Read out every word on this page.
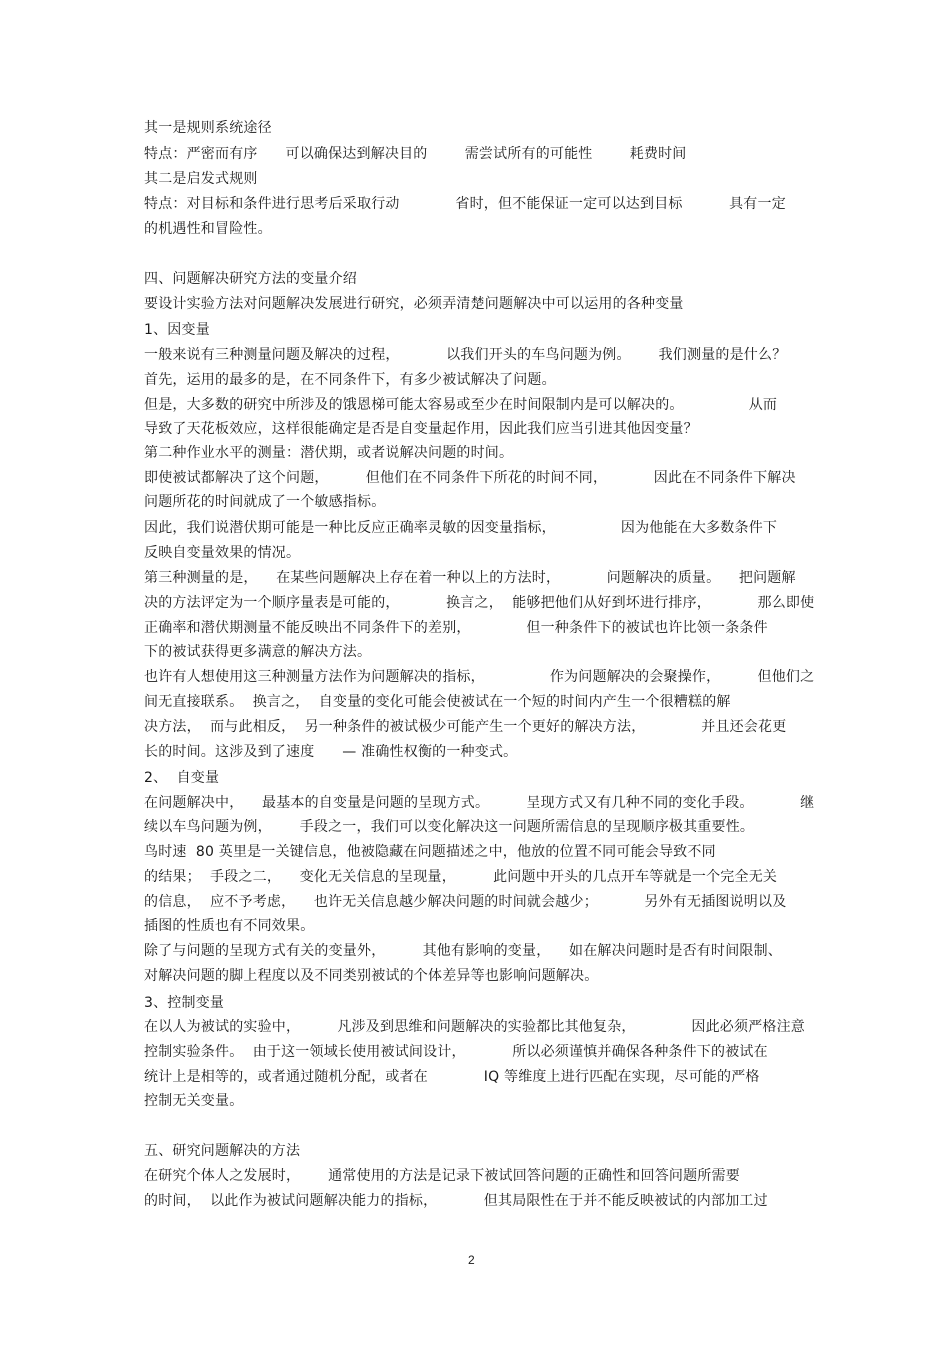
其一是规则系统途径
特点：严密而有序      可以确保达到解决目的        需尝试所有的可能性        耗费时间
其二是启发式规则
特点：对目标和条件进行思考后采取行动            省时，但不能保证一定可以达到目标          具有一定
的机遇性和冒险性。
四、问题解决研究方法的变量介绍
要设计实验方法对问题解决发展进行研究，必须弄清楚问题解决中可以运用的各种变量
1、因变量
一般来说有三种测量问题及解决的过程，          以我们开头的车鸟问题为例。      我们测量的是什么？
首先，运用的最多的是，在不同条件下，有多少被试解决了问题。
但是，大多数的研究中所涉及的饿恩梯可能太容易或至少在时间限制内是可以解决的。              从而
导致了天花板效应，这样很能确定是否是自变量起作用，因此我们应当引进其他因变量？
第二种作业水平的测量：潜伏期，或者说解决问题的时间。
即使被试都解决了这个问题，        但他们在不同条件下所花的时间不同，          因此在不同条件下解决
问题所花的时间就成了一个敏感指标。
因此，我们说潜伏期可能是一种比反应正确率灵敏的因变量指标，              因为他能在大多数条件下
反映自变量效果的情况。
第三种测量的是，    在某些问题解决上存在着一种以上的方法时，          问题解决的质量。    把问题解
决的方法评定为一个顺序量表是可能的，          换言之，  能够把他们从好到坏进行排序，          那么即使
正确率和潜伏期测量不能反映出不同条件下的差别，            但一种条件下的被试也许比领一条条件
下的被试获得更多满意的解决方法。
也许有人想使用这三种测量方法作为问题解决的指标，              作为问题解决的会聚操作，        但他们之
间无直接联系。  换言之，  自变量的变化可能会使被试在一个短的时间内产生一个很糟糕的解
决方法，  而与此相反，  另一种条件的被试极少可能产生一个更好的解决方法，            并且还会花更
长的时间。这涉及到了速度      — 准确性权衡的一种变式。
2、  自变量
在问题解决中，    最基本的自变量是问题的呈现方式。        呈现方式又有几种不同的变化手段。          继
续以车鸟问题为例，      手段之一，我们可以变化解决这一问题所需信息的呈现顺序极其重要性。
鸟时速  80 英里是一关键信息，他被隐藏在问题描述之中，他放的位置不同可能会导致不同
的结果；  手段之二，    变化无关信息的呈现量，        此问题中开头的几点开车等就是一个完全无关
的信息，  应不予考虑，    也许无关信息越少解决问题的时间就会越少；          另外有无插图说明以及
插图的性质也有不同效果。
除了与问题的呈现方式有关的变量外，        其他有影响的变量，    如在解决问题时是否有时间限制、
对解决问题的脚上程度以及不同类别被试的个体差异等也影响问题解决。
3、控制变量
在以人为被试的实验中，        凡涉及到思维和问题解决的实验都比其他复杂，            因此必须严格注意
控制实验条件。  由于这一领域长使用被试间设计，          所以必须谨慎并确保各种条件下的被试在
统计上是相等的，或者通过随机分配，或者在            IQ 等维度上进行匹配在实现，尽可能的严格
控制无关变量。
五、研究问题解决的方法
在研究个体人之发展时，      通常使用的方法是记录下被试回答问题的正确性和回答问题所需要
的时间，  以此作为被试问题解决能力的指标，          但其局限性在于并不能反映被试的内部加工过
2
